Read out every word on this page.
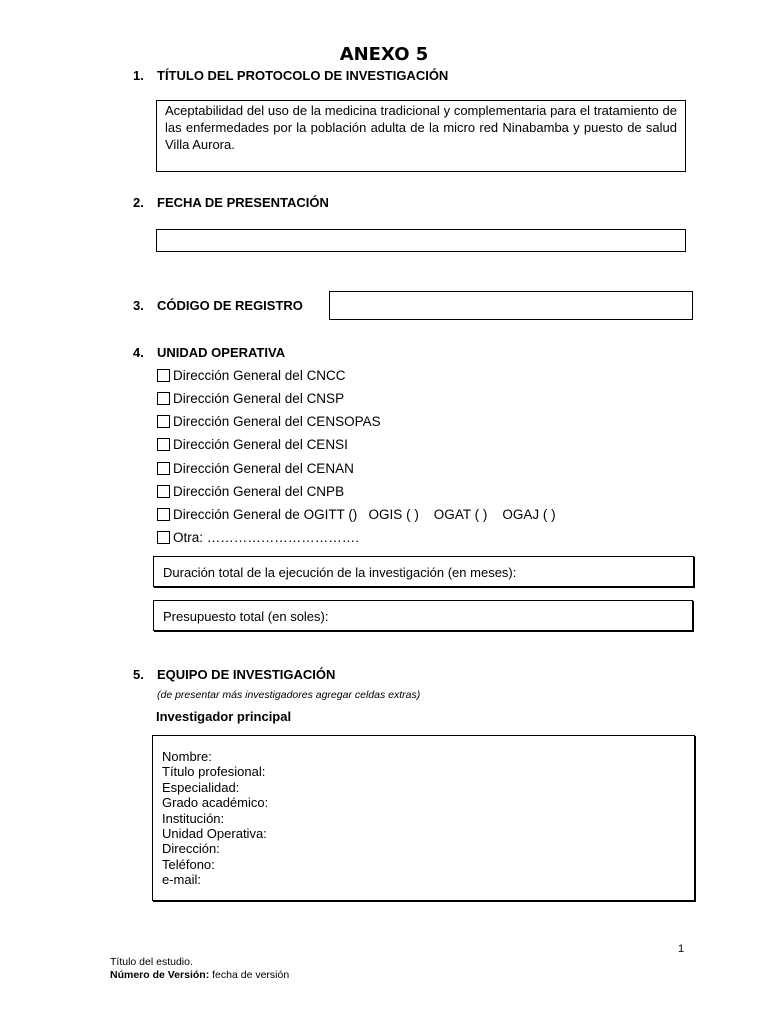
ANEXO 5
1. TÍTULO DEL PROTOCOLO DE INVESTIGACIÓN
Aceptabilidad del uso de la medicina tradicional y complementaria para el tratamiento de las enfermedades por la población adulta de la micro red Ninabamba y puesto de salud Villa Aurora.
2. FECHA DE PRESENTACIÓN
3. CÓDIGO DE REGISTRO
4. UNIDAD OPERATIVA
Dirección General del CNCC
Dirección General del CNSP
Dirección General del CENSOPAS
Dirección General del CENSI
Dirección General del CENAN
Dirección General del CNPB
Dirección General de OGITT ()   OGIS ( )    OGAT ( )    OGAJ ( )
Otra: …………………………….
Duración total de la ejecución de la investigación (en meses):
Presupuesto total (en soles):
5. EQUIPO DE INVESTIGACIÓN
(de presentar más investigadores agregar celdas extras)
Investigador principal
Nombre:
Título profesional:
Especialidad:
Grado académico:
Institución:
Unidad Operativa:
Dirección:
Teléfono:
e-mail:
1
Título del estudio.
Número de Versión: fecha de versión
